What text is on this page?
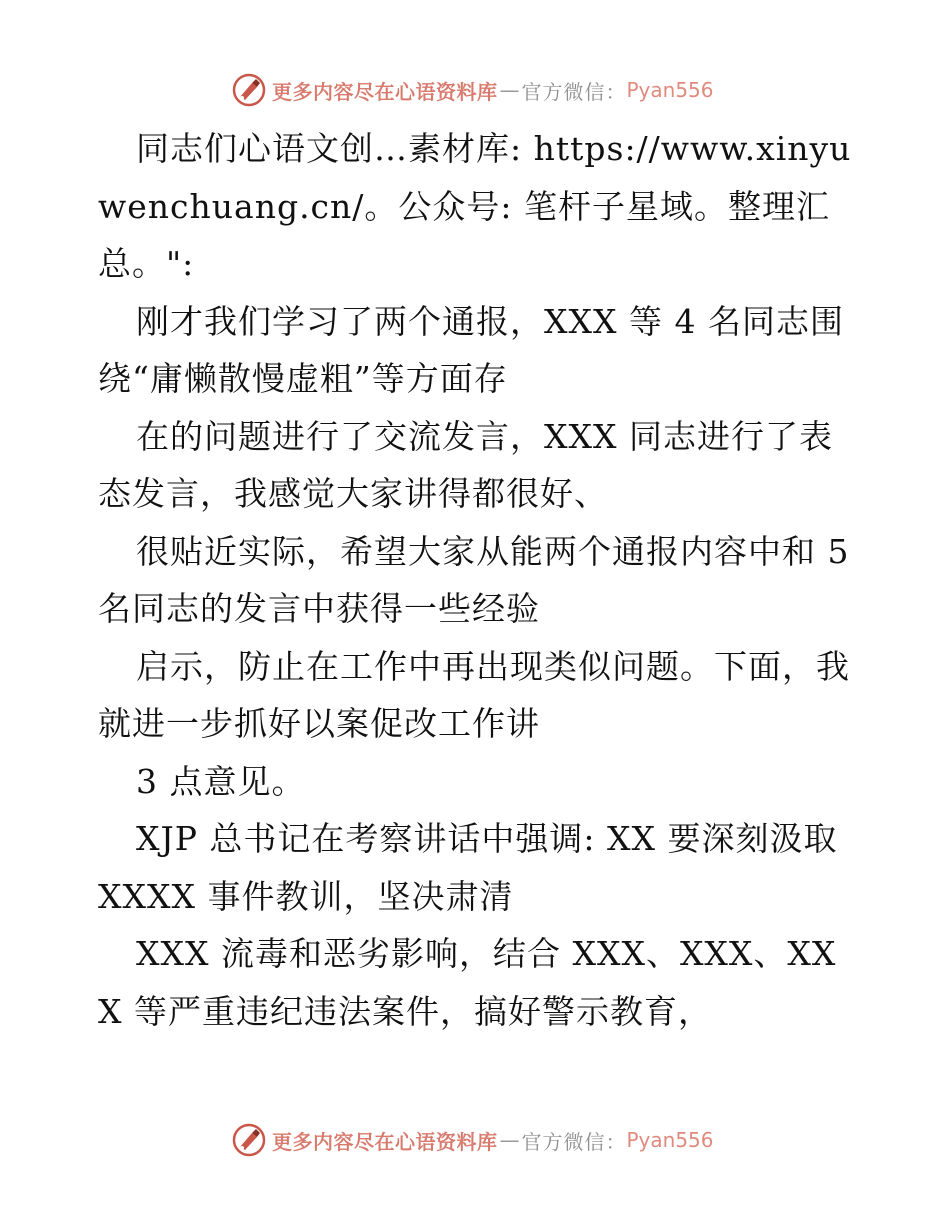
更多内容尽在心语资料库 — 官方微信： Pyan556

同志们心语文创…素材库: https://www.xinyuwenchuang.cn/。公众号: 笔杆子星域。整理汇总。":

刚才我们学习了两个通报，XXX 等 4 名同志围绕“庸懒散慢虚粗”等方面存

在的问题进行了交流发言，XXX 同志进行了表态发言，我感觉大家讲得都很好、

很贴近实际，希望大家从能两个通报内容中和 5 名同志的发言中获得一些经验

启示，防止在工作中再出现类似问题。下面，我就进一步抓好以案促改工作讲

3 点意见。

XJP 总书记在考察讲话中强调: XX 要深刻汲取 XXXX 事件教训，坚决肃清

XXX 流毒和恶劣影响，结合 XXX、XXX、XXX 等严重违纪违法案件，搞好警示教育，

更多内容尽在心语资料库 — 官方微信： Pyan556
